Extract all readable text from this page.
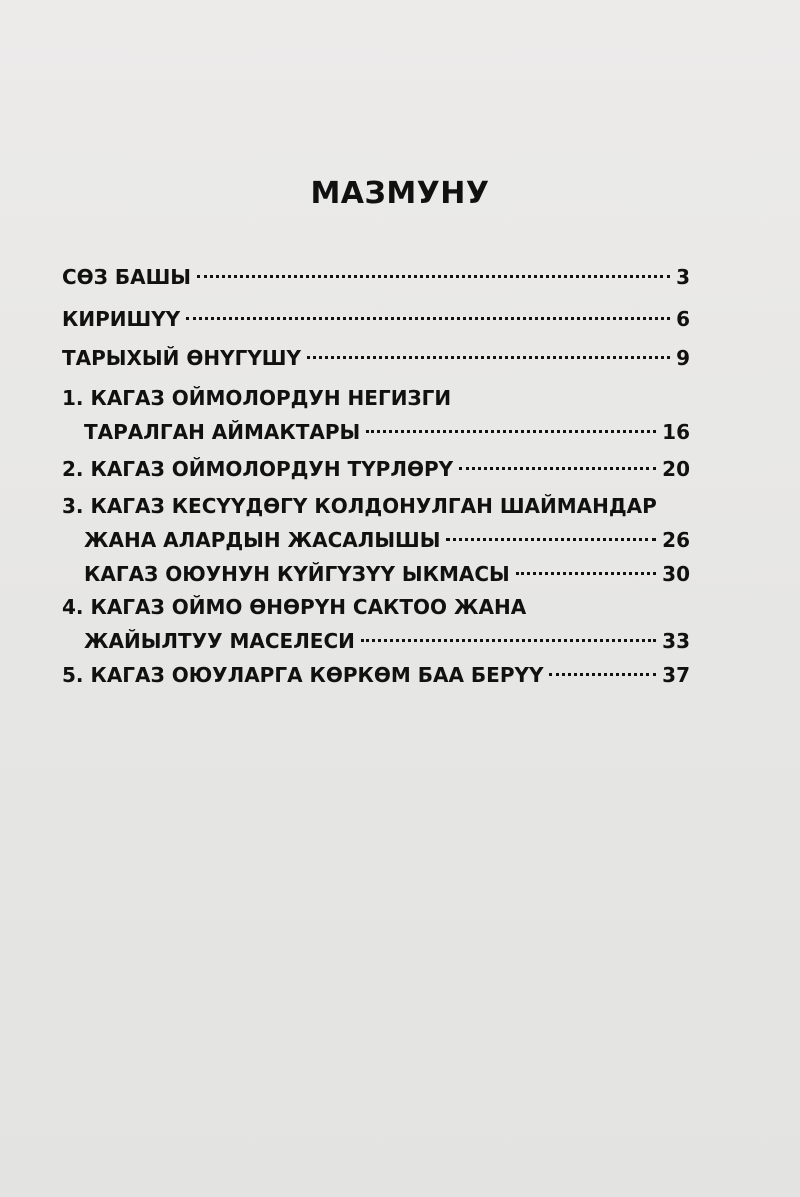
МАЗМУНУ
СӨЗ БАШЫ	3
КИРИШҮҮ	6
ТАРЫХЫЙ ӨНҮГҮШҮ	9
1. КАГАЗ ОЙМОЛОРДУН НЕГИЗГИ
ТАРАЛГАН АЙМАКТАРЫ	16
2. КАГАЗ ОЙМОЛОРДУН ТҮРЛӨРҮ	20
3. КАГАЗ КЕСҮҮДӨГҮ КОЛДОНУЛГАН ШАЙМАНДАР
ЖАНА АЛАРДЫН ЖАСАЛЫШЫ	26
КАГАЗ ОЮУНУН КҮЙГҮЗҮҮ ЫКМАСЫ	30
4. КАГАЗ ОЙМО ӨНӨРҮН САКТОО ЖАНА
ЖАЙЫЛТУУ МАСЕЛЕСИ	33
5. КАГАЗ ОЮУЛАРГА КӨРКӨМ БАА БЕРҮҮ	37
